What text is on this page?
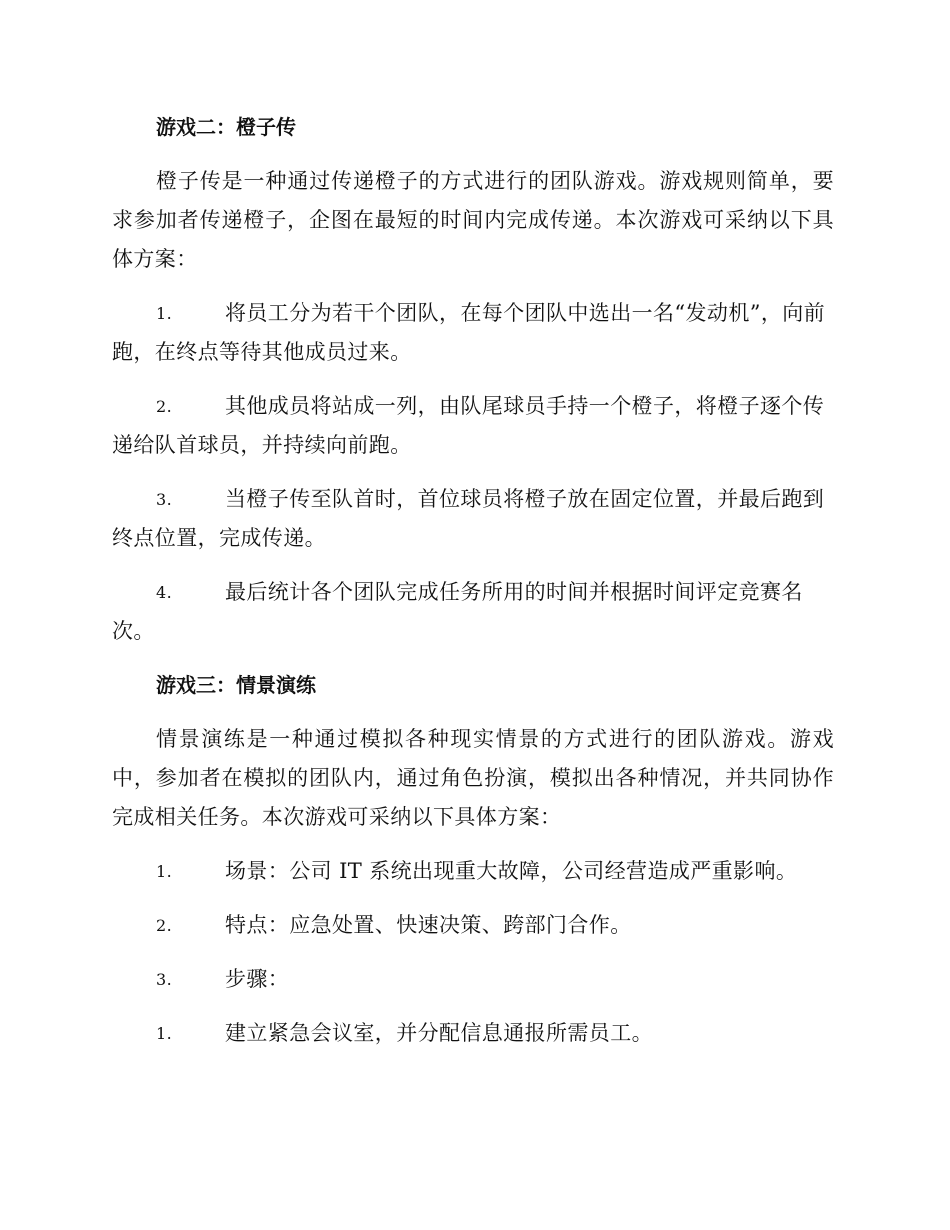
游戏二：橙子传
橙子传是一种通过传递橙子的方式进行的团队游戏。游戏规则简单，要求参加者传递橙子，企图在最短的时间内完成传递。本次游戏可采纳以下具体方案：
1.	将员工分为若干个团队，在每个团队中选出一名“发动机”，向前跑，在终点等待其他成员过来。
2.	其他成员将站成一列，由队尾球员手持一个橙子，将橙子逐个传递给队首球员，并持续向前跑。
3.	当橙子传至队首时，首位球员将橙子放在固定位置，并最后跑到终点位置，完成传递。
4.	最后统计各个团队完成任务所用的时间并根据时间评定竞赛名次。
游戏三：情景演练
情景演练是一种通过模拟各种现实情景的方式进行的团队游戏。游戏中，参加者在模拟的团队内，通过角色扮演，模拟出各种情况，并共同协作完成相关任务。本次游戏可采纳以下具体方案：
1.	场景：公司 IT 系统出现重大故障，公司经营造成严重影响。
2.	特点：应急处置、快速决策、跨部门合作。
3.	步骤：
1.	建立紧急会议室，并分配信息通报所需员工。
